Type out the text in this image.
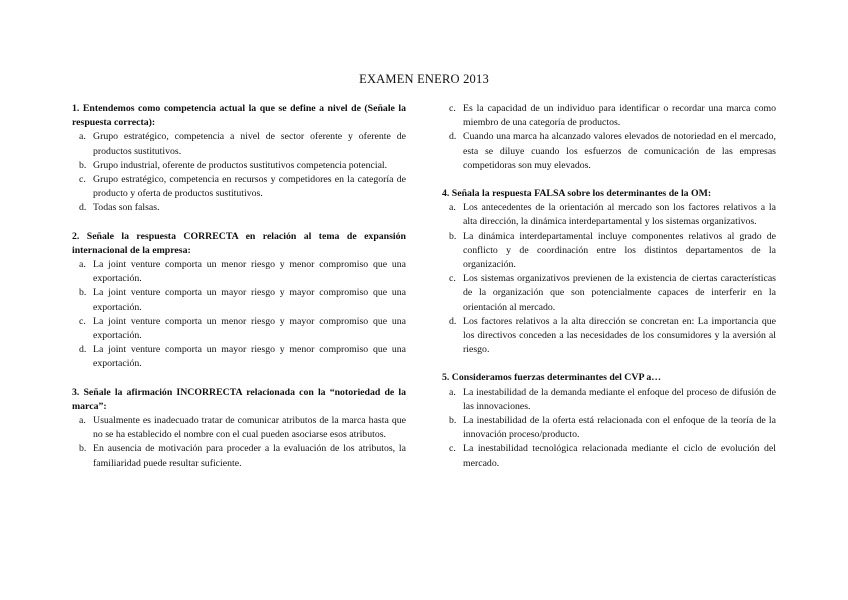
EXAMEN ENERO 2013
1. Entendemos como competencia actual la que se define a nivel de (Señale la respuesta correcta):
a. Grupo estratégico, competencia a nivel de sector oferente y oferente de productos sustitutivos.
b. Grupo industrial, oferente de productos sustitutivos competencia potencial.
c. Grupo estratégico, competencia en recursos y competidores en la categoría de producto y oferta de productos sustitutivos.
d. Todas son falsas.
2. Señale la respuesta CORRECTA en relación al tema de expansión internacional de la empresa:
a. La joint venture comporta un menor riesgo y menor compromiso que una exportación.
b. La joint venture comporta un mayor riesgo y mayor compromiso que una exportación.
c. La joint venture comporta un menor riesgo y mayor compromiso que una exportación.
d. La joint venture comporta un mayor riesgo y menor compromiso que una exportación.
3. Señale la afirmación INCORRECTA relacionada con la “notoriedad de la marca”:
a. Usualmente es inadecuado tratar de comunicar atributos de la marca hasta que no se ha establecido el nombre con el cual pueden asociarse esos atributos.
b. En ausencia de motivación para proceder a la evaluación de los atributos, la familiaridad puede resultar suficiente.
c. Es la capacidad de un individuo para identificar o recordar una marca como miembro de una categoría de productos.
d. Cuando una marca ha alcanzado valores elevados de notoriedad en el mercado, esta se diluye cuando los esfuerzos de comunicación de las empresas competidoras son muy elevados.
4. Señala la respuesta FALSA sobre los determinantes de la OM:
a. Los antecedentes de la orientación al mercado son los factores relativos a la alta dirección, la dinámica interdepartamental y los sistemas organizativos.
b. La dinámica interdepartamental incluye componentes relativos al grado de conflicto y de coordinación entre los distintos departamentos de la organización.
c. Los sistemas organizativos previenen de la existencia de ciertas características de la organización que son potencialmente capaces de interferir en la orientación al mercado.
d. Los factores relativos a la alta dirección se concretan en: La importancia que los directivos conceden a las necesidades de los consumidores y la aversión al riesgo.
5. Consideramos fuerzas determinantes del CVP a…
a. La inestabilidad de la demanda mediante el enfoque del proceso de difusión de las innovaciones.
b. La inestabilidad de la oferta está relacionada con el enfoque de la teoría de la innovación proceso/producto.
c. La inestabilidad tecnológica relacionada mediante el ciclo de evolución del mercado.
